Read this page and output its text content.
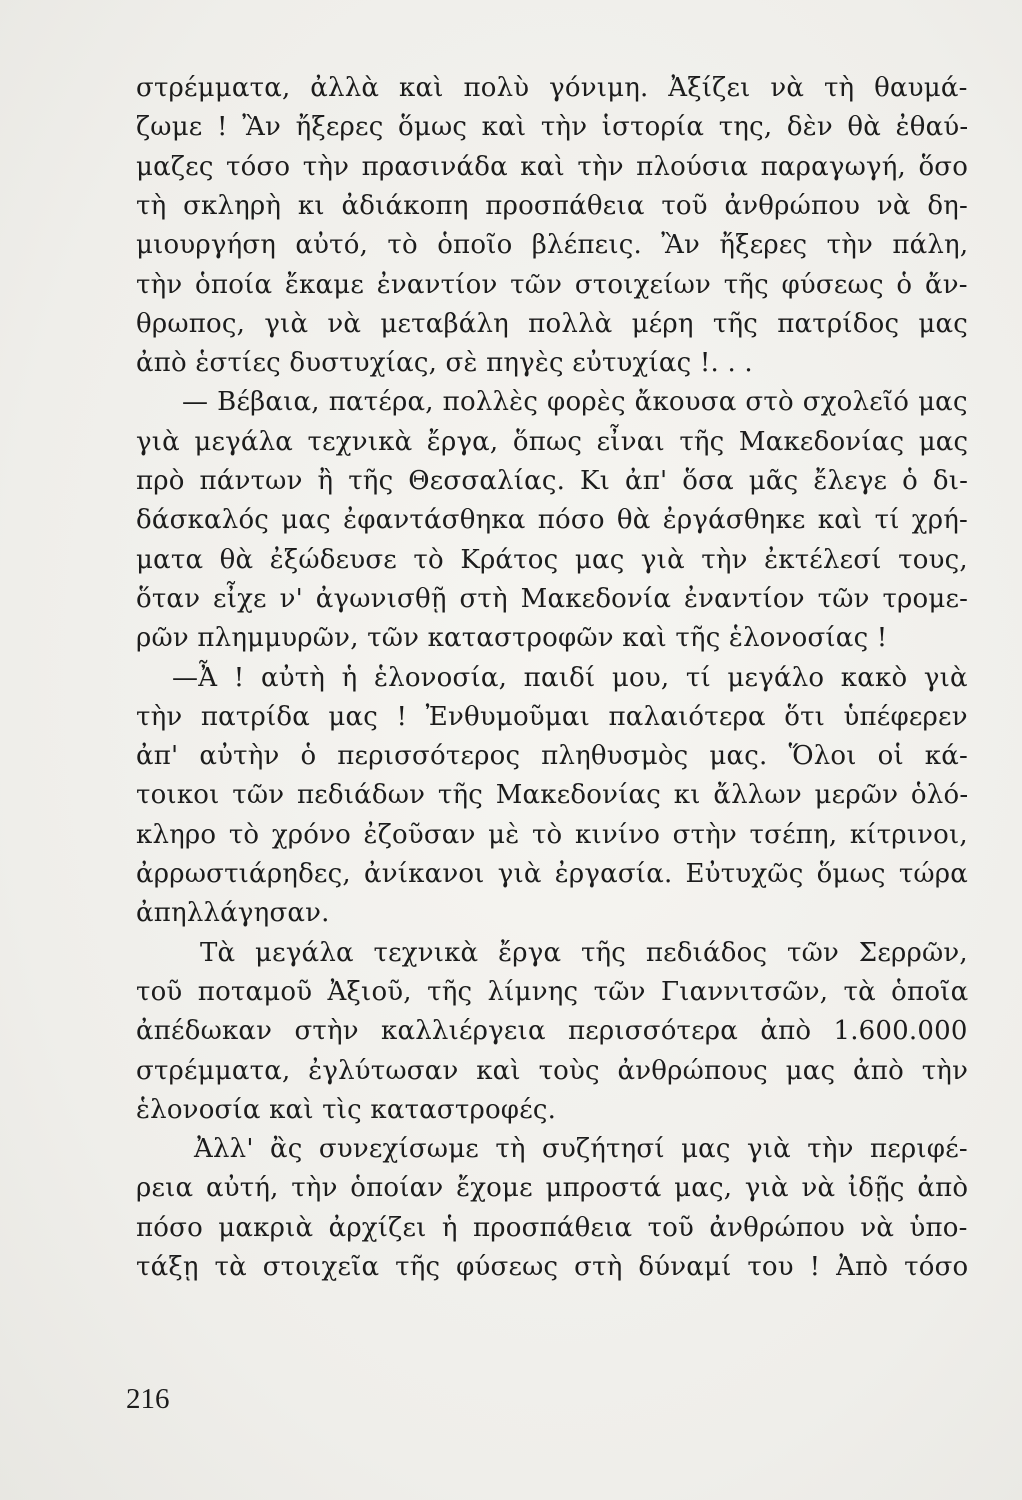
στρέμματα, ἀλλὰ καὶ πολὺ γόνιμη. Ἀξίζει νὰ τὴ θαυμά-
ζωμε ! Ἂν ἤξερες ὅμως καὶ τὴν ἱστορία της, δὲν θὰ ἐθαύ-
μαζες τόσο τὴν πρασινάδα καὶ τὴν πλούσια παραγωγή, ὅσο
τὴ σκληρὴ κι ἀδιάκοπη προσπάθεια τοῦ ἀνθρώπου νὰ δη-
μιουργήση αὐτό, τὸ ὁποῖο βλέπεις. Ἂν ἤξερες τὴν πάλη,
τὴν ὁποία ἔκαμε ἐναντίον τῶν στοιχείων τῆς φύσεως ὁ ἄν-
θρωπος, γιὰ νὰ μεταβάλη πολλὰ μέρη τῆς πατρίδος μας
ἀπὸ ἑστίες δυστυχίας, σὲ πηγὲς εὐτυχίας !. . .
— Βέβαια, πατέρα, πολλὲς φορὲς ἄκουσα στὸ σχολεῖό μας
γιὰ μεγάλα τεχνικὰ ἔργα, ὅπως εἶναι τῆς Μακεδονίας μας
πρὸ πάντων ἢ τῆς Θεσσαλίας. Κι ἀπ' ὅσα μᾶς ἔλεγε ὁ δι-
δάσκαλός μας ἐφαντάσθηκα πόσο θὰ ἐργάσθηκε καὶ τί χρή-
ματα θὰ ἐξώδευσε τὸ Κράτος μας γιὰ τὴν ἐκτέλεσί τους,
ὅταν εἶχε ν' ἀγωνισθῇ στὴ Μακεδονία ἐναντίον τῶν τρομε-
ρῶν πλημμυρῶν, τῶν καταστροφῶν καὶ τῆς ἑλονοσίας !
—Ἆ ! αὐτὴ ἡ ἑλονοσία, παιδί μου, τί μεγάλο κακὸ γιὰ
τὴν πατρίδα μας ! Ἐνθυμοῦμαι παλαιότερα ὅτι ὑπέφερεν
ἀπ' αὐτὴν ὁ περισσότερος πληθυσμὸς μας. Ὅλοι οἱ κά-
τοικοι τῶν πεδιάδων τῆς Μακεδονίας κι ἄλλων μερῶν ὁλό-
κληρο τὸ χρόνο ἐζοῦσαν μὲ τὸ κινίνο στὴν τσέπη, κίτρινοι,
ἀρρωστιάρηδες, ἀνίκανοι γιὰ ἐργασία. Εὐτυχῶς ὅμως τώρα
ἀπηλλάγησαν.
Τὰ μεγάλα τεχνικὰ ἔργα τῆς πεδιάδος τῶν Σερρῶν,
τοῦ ποταμοῦ Ἀξιοῦ, τῆς λίμνης τῶν Γιαννιτσῶν, τὰ ὁποῖα
ἀπέδωκαν στὴν καλλιέργεια περισσότερα ἀπὸ 1.600.000
στρέμματα, ἐγλύτωσαν καὶ τοὺς ἀνθρώπους μας ἀπὸ τὴν
ἑλονοσία καὶ τὶς καταστροφές.
Ἀλλ' ἂς συνεχίσωμε τὴ συζήτησί μας γιὰ τὴν περιφέ-
ρεια αὐτή, τὴν ὁποίαν ἔχομε μπροστά μας, γιὰ νὰ ἰδῇς ἀπὸ
πόσο μακριὰ ἀρχίζει ἡ προσπάθεια τοῦ ἀνθρώπου νὰ ὑπο-
τάξῃ τὰ στοιχεῖα τῆς φύσεως στὴ δύναμί του ! Ἀπὸ τόσο
216
